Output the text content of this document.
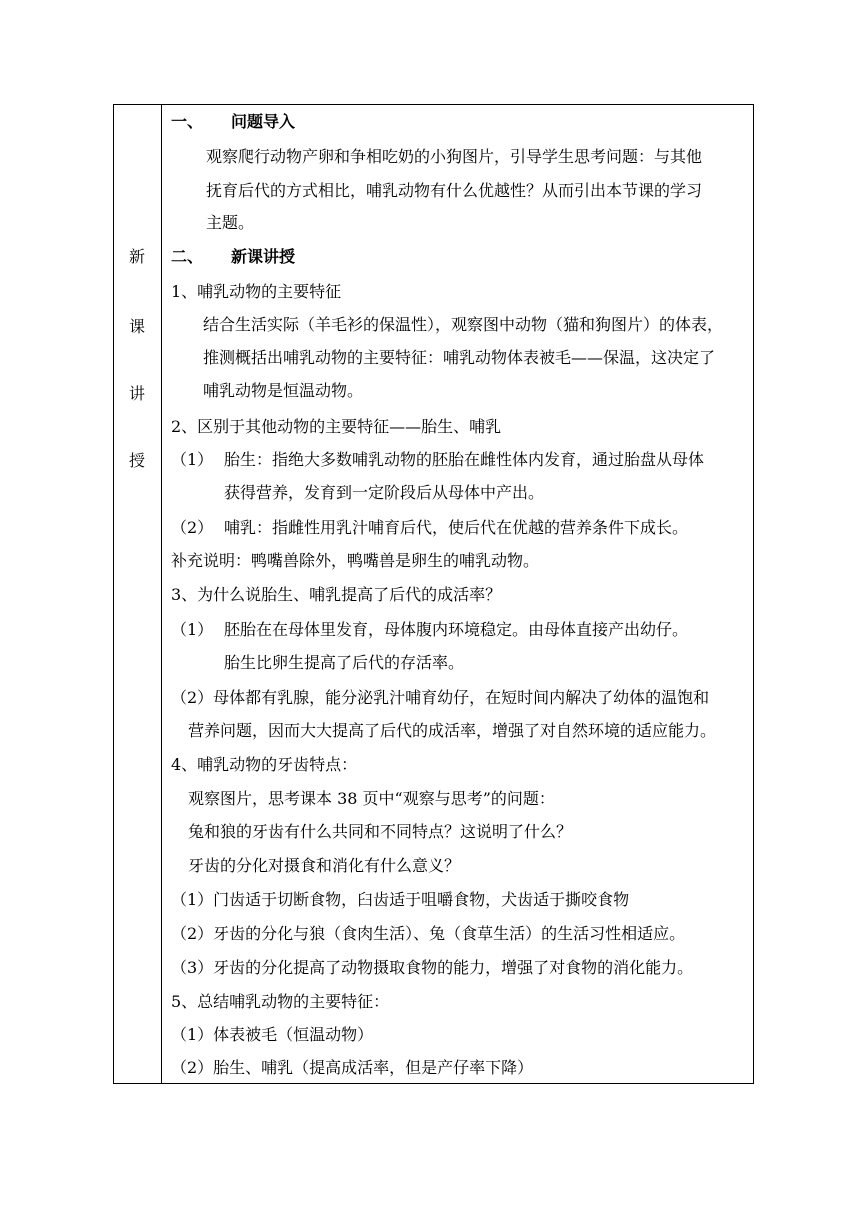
新
课
讲
授
一、 问题导入
观察爬行动物产卵和争相吃奶的小狗图片，引导学生思考问题：与其他
抚育后代的方式相比，哺乳动物有什么优越性？从而引出本节课的学习
主题。
二、 新课讲授
1、哺乳动物的主要特征
结合生活实际（羊毛衫的保温性），观察图中动物（猫和狗图片）的体表，
推测概括出哺乳动物的主要特征：哺乳动物体表被毛——保温，这决定了
哺乳动物是恒温动物。
2、区别于其他动物的主要特征——胎生、哺乳
（1） 胎生：指绝大多数哺乳动物的胚胎在雌性体内发育，通过胎盘从母体
获得营养，发育到一定阶段后从母体中产出。
（2） 哺乳：指雌性用乳汁哺育后代，使后代在优越的营养条件下成长。
补充说明：鸭嘴兽除外，鸭嘴兽是卵生的哺乳动物。
3、为什么说胎生、哺乳提高了后代的成活率？
（1） 胚胎在在母体里发育，母体腹内环境稳定。由母体直接产出幼仔。
胎生比卵生提高了后代的存活率。
（2）母体都有乳腺，能分泌乳汁哺育幼仔，在短时间内解决了幼体的温饱和
营养问题，因而大大提高了后代的成活率，增强了对自然环境的适应能力。
4、哺乳动物的牙齿特点：
观察图片，思考课本 38 页中“观察与思考”的问题：
兔和狼的牙齿有什么共同和不同特点？这说明了什么？
牙齿的分化对摄食和消化有什么意义？
（1）门齿适于切断食物，臼齿适于咀嚼食物，犬齿适于撕咬食物
（2）牙齿的分化与狼（食肉生活）、兔（食草生活）的生活习性相适应。
（3）牙齿的分化提高了动物摄取食物的能力，增强了对食物的消化能力。
5、总结哺乳动物的主要特征：
（1）体表被毛（恒温动物）
（2）胎生、哺乳（提高成活率，但是产仔率下降）
